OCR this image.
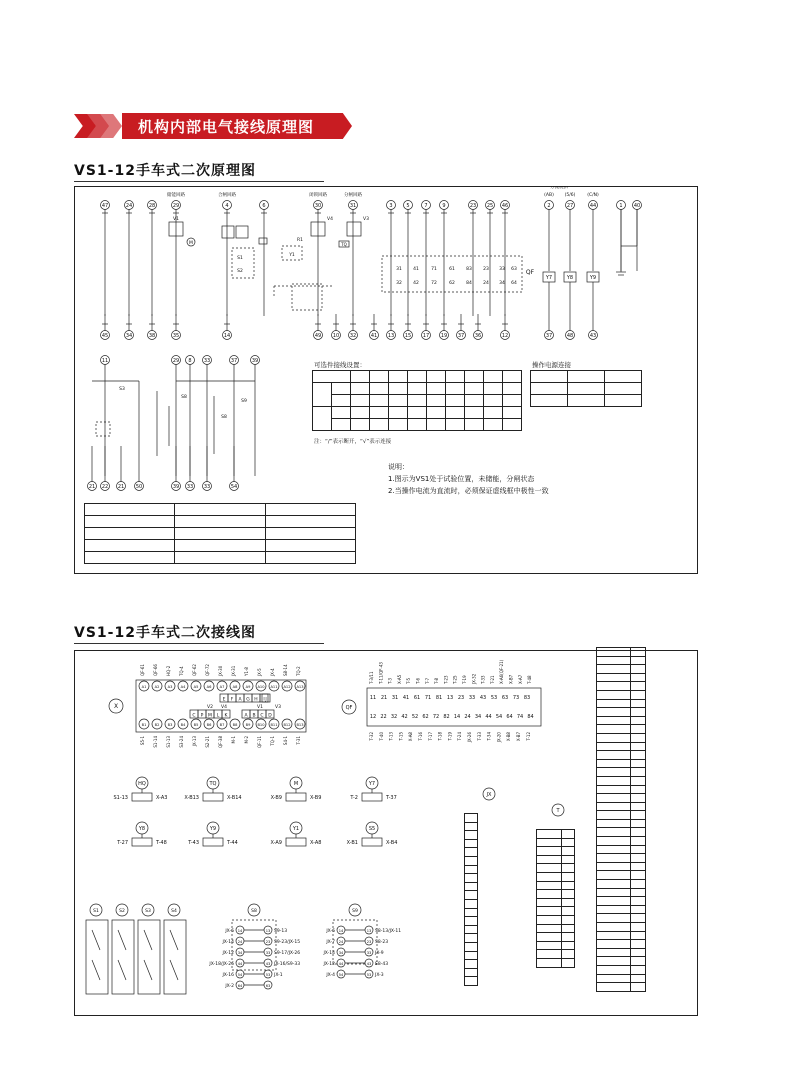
机构内部电气接线原理图
VS1-12手车式二次原理图
47	24	28	29	4	6	30	31	3	5	7	9	23 25 46
45	34	38	35	14	49 10 32	41 13 15 17 19 37 36	12
2	27	44	1 40
(AB) (5/6)	(C/N)
Y7	Y8	Y9
37	48	43
分流脱扣
储能回路	合闸回路	闭锁回路	分闸回路
V1
M
V4	V3
TQ
S1
S2
Y1
R1
QF
31
32
41
42
71
72
61
62
83
84
23
24
33
34
63
64
11	29 8 33	37	39
21 22 21 50	39 33 33	54
S3
S8
S8
S9
可选件接线设置：

注：“/”表示断开，“√”表示连接
操作电源连接

说明：
1.图示为VS1处于试验位置，未储能，分闸状态
2.当操作电流为直流时，必须保证虚线框中极性一致

VS1-12手车式二次接线图
X
A1
QF-61
A2
QF-66
A3
HQ-2
A4
TQ-4
A5
QF-62
A6
QF-72
A7
JX-30
A8
JX-31
A9
Y1-8
A10
JX-5
A11
JX-4
A12
S8-14
A13
TQ-2
B1
S5-1
B2
S1-14
B3
S1-13
B4
S3-24
B5
JX-13
B6
S2-21
B7
QF-38
B8
M-1
B9
M-2
B10
QF-11
B11
TQ-1
B12
S4-1
B13
T-31
E F A G H I J
V2 V4
C P M L K	A B C D
V1	V3	QF
11 21 31 41 61 71 81 13 23 33 43 53 63 73 83
12 22 32 42 52 62 72 82 14 24 34 44 54 64 74 84
T-3/11 T-11/QF-43 T-3 X-A5 T-5 T-6 T-7 T-8 T-23 T-25 T-19 JX-32 T-33 T-21 X-A6(QF-21) X-B7 X-A7 T-48
T-32 T-40 T-13 T-15 X-A8 T-16 T-17 T-18 T-19 T-24 JX-26 T-33 T-34 JX-20 X-B8 X-B7 T-12
HQ
S1-13	X-A3
TQ
X-B13	X-B14
M
X-B9	X-B9
Y7
T-2	T-37
Y8
T-27	T-48
Y9
T-43	T-44
Y1
X-A9	X-A8
S5
X-B1	X-B4
JX
T
S1	S2	S3	S4	S8
14	13
JX-6	S9-13
24	23
JX-14	S9-23/JX-15
34	33
JX-12	S9-17/JX-26
44	43
JX-18/JX-26	JX-16/S9-33
54	53
JX-16	JX-1
64	63
JX-2
S9
14	13
JX-6	S8-13/JX-11
24	23
JX-7	S8-23
34	33
JX-14	JX-9
44	43
JX-12	S8-43
54	53
JX-4	JX-3
